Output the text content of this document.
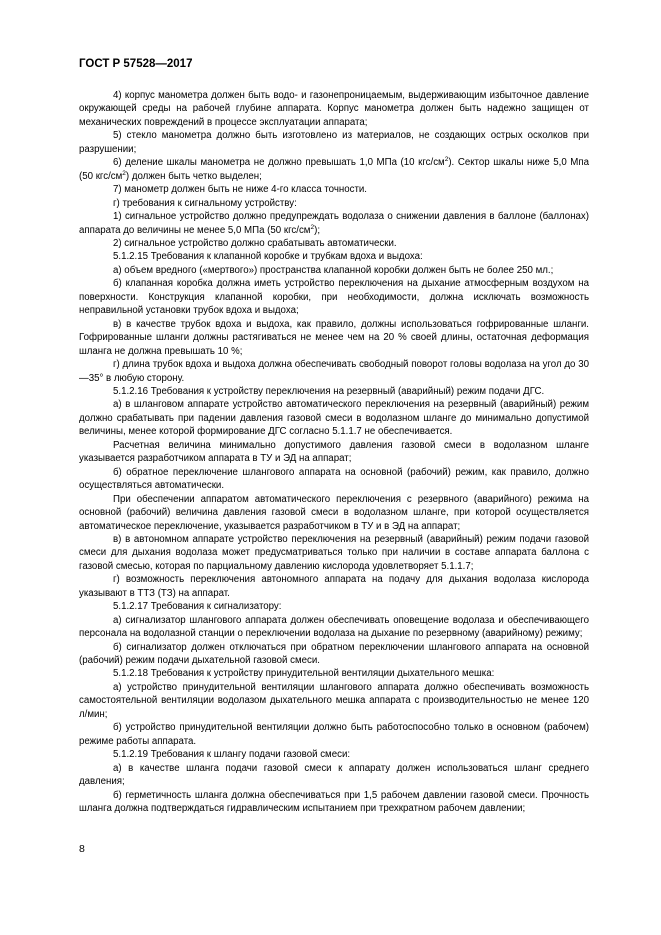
ГОСТ Р 57528—2017

4) корпус манометра должен быть водо- и газонепроницаемым, выдерживающим избыточное давление окружающей среды на рабочей глубине аппарата. Корпус манометра должен быть надежно защищен от механических повреждений в процессе эксплуатации аппарата;

5) стекло манометра должно быть изготовлено из материалов, не создающих острых осколков при разрушении;

6) деление шкалы манометра не должно превышать 1,0 МПа (10 кгс/$см^2$). Сектор шкалы ниже 5,0 Мпа (50 кгс/$см^2$) должен быть четко выделен;

7) манометр должен быть не ниже 4-го класса точности.

г) требования к сигнальному устройству:

1) сигнальное устройство должно предупреждать водолаза о снижении давления в баллоне (баллонах) аппарата до величины не менее 5,0 МПа (50 кгс/$см^2$);

2) сигнальное устройство должно срабатывать автоматически.

5.1.2.15 Требования к клапанной коробке и трубкам вдоха и выдоха:

а) объем вредного («мертвого») пространства клапанной коробки должен быть не более 250 мл.;

б) клапанная коробка должна иметь устройство переключения на дыхание атмосферным воздухом на поверхности. Конструкция клапанной коробки, при необходимости, должна исключать возможность неправильной установки трубок вдоха и выдоха;

в) в качестве трубок вдоха и выдоха, как правило, должны использоваться гофрированные шланги. Гофрированные шланги должны растягиваться не менее чем на 20 % своей длины, остаточная деформация шланга не должна превышать 10 %;

г) длина трубок вдоха и выдоха должна обеспечивать свободный поворот головы водолаза на угол до 30—35° в любую сторону.

5.1.2.16 Требования к устройству переключения на резервный (аварийный) режим подачи ДГС.

а) в шланговом аппарате устройство автоматического переключения на резервный (аварийный) режим должно срабатывать при падении давления газовой смеси в водолазном шланге до минимально допустимой величины, менее которой формирование ДГС согласно 5.1.1.7 не обеспечивается.

Расчетная величина минимально допустимого давления газовой смеси в водолазном шланге указывается разработчиком аппарата в ТУ и ЭД на аппарат;

б) обратное переключение шлангового аппарата на основной (рабочий) режим, как правило, должно осуществляться автоматически.

При обеспечении аппаратом автоматического переключения с резервного (аварийного) режима на основной (рабочий) величина давления газовой смеси в водолазном шланге, при которой осуществляется автоматическое переключение, указывается разработчиком в ТУ и в ЭД на аппарат;

в) в автономном аппарате устройство переключения на резервный (аварийный) режим подачи газовой смеси для дыхания водолаза может предусматриваться только при наличии в составе аппарата баллона с газовой смесью, которая по парциальному давлению кислорода удовлетворяет 5.1.1.7;

г) возможность переключения автономного аппарата на подачу для дыхания водолаза кислорода указывают в ТТЗ (ТЗ) на аппарат.

5.1.2.17 Требования к сигнализатору:

а) сигнализатор шлангового аппарата должен обеспечивать оповещение водолаза и обеспечивающего персонала на водолазной станции о переключении водолаза на дыхание по резервному (аварийному) режиму;

б) сигнализатор должен отключаться при обратном переключении шлангового аппарата на основной (рабочий) режим подачи дыхательной газовой смеси.

5.1.2.18 Требования к устройству принудительной вентиляции дыхательного мешка:

а) устройство принудительной вентиляции шлангового аппарата должно обеспечивать возможность самостоятельной вентиляции водолазом дыхательного мешка аппарата с производительностью не менее 120 л/мин;

б) устройство принудительной вентиляции должно быть работоспособно только в основном (рабочем) режиме работы аппарата.

5.1.2.19 Требования к шлангу подачи газовой смеси:

а) в качестве шланга подачи газовой смеси к аппарату должен использоваться шланг среднего давления;

б) герметичность шланга должна обеспечиваться при 1,5 рабочем давлении газовой смеси. Прочность шланга должна подтверждаться гидравлическим испытанием при трехкратном рабочем давлении;

8
